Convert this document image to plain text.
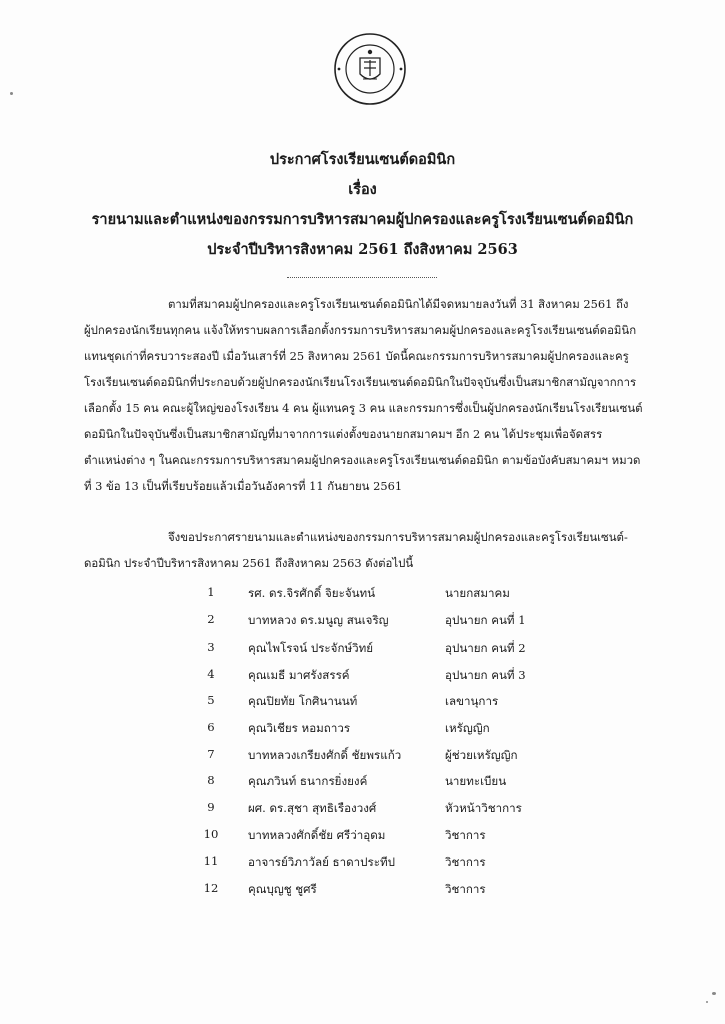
ประกาศโรงเรียนเซนต์ดอมินิก
เรื่อง
รายนามและตำแหน่งของกรรมการบริหารสมาคมผู้ปกครองและครูโรงเรียนเซนต์ดอมินิก
ประจำปีบริหารสิงหาคม 2561 ถึงสิงหาคม 2563
ตามที่สมาคมผู้ปกครองและครูโรงเรียนเซนต์ดอมินิกได้มีจดหมายลงวันที่ 31 สิงหาคม 2561 ถึง
ผู้ปกครองนักเรียนทุกคน แจ้งให้ทราบผลการเลือกตั้งกรรมการบริหารสมาคมผู้ปกครองและครูโรงเรียนเซนต์ดอมินิก
แทนชุดเก่าที่ครบวาระสองปี เมื่อวันเสาร์ที่ 25 สิงหาคม 2561 บัดนี้คณะกรรมการบริหารสมาคมผู้ปกครองและครู
โรงเรียนเซนต์ดอมินิกที่ประกอบด้วยผู้ปกครองนักเรียนโรงเรียนเซนต์ดอมินิกในปัจจุบันซึ่งเป็นสมาชิกสามัญจากการ
เลือกตั้ง 15 คน คณะผู้ใหญ่ของโรงเรียน 4 คน ผู้แทนครู 3 คน และกรรมการซึ่งเป็นผู้ปกครองนักเรียนโรงเรียนเซนต์
ดอมินิกในปัจจุบันซึ่งเป็นสมาชิกสามัญที่มาจากการแต่งตั้งของนายกสมาคมฯ อีก 2 คน ได้ประชุมเพื่อจัดสรร
ตำแหน่งต่าง ๆ ในคณะกรรมการบริหารสมาคมผู้ปกครองและครูโรงเรียนเซนต์ดอมินิก ตามข้อบังคับสมาคมฯ หมวด
ที่ 3 ข้อ 13 เป็นที่เรียบร้อยแล้วเมื่อวันอังคารที่ 11 กันยายน 2561
จึงขอประกาศรายนามและตำแหน่งของกรรมการบริหารสมาคมผู้ปกครองและครูโรงเรียนเซนต์-
ดอมินิก ประจำปีบริหารสิงหาคม 2561 ถึงสิงหาคม 2563 ดังต่อไปนี้
1	รศ. ดร.จิรศักดิ์ จิยะจันทน์	นายกสมาคม
2	บาทหลวง ดร.มนูญ สนเจริญ	อุปนายก คนที่ 1
3	คุณไพโรจน์ ประจักษ์วิทย์	อุปนายก คนที่ 2
4	คุณเมธี มาศรังสรรค์	อุปนายก คนที่ 3
5	คุณปิยทัย โกศินานนท์	เลขานุการ
6	คุณวิเชียร หอมถาวร	เหรัญญิก
7	บาทหลวงเกรียงศักดิ์ ชัยพรแก้ว	ผู้ช่วยเหรัญญิก
8	คุณภวินท์ ธนากรยิ่งยงค์	นายทะเบียน
9	ผศ. ดร.สุชา สุทธิเรืองวงศ์	หัวหน้าวิชาการ
10	บาทหลวงศักดิ์ชัย ศรีว่าอุดม	วิชาการ
11	อาจารย์วิภาวัลย์ ธาดาประทีป	วิชาการ
12	คุณบุญชู ชูศรี	วิชาการ
